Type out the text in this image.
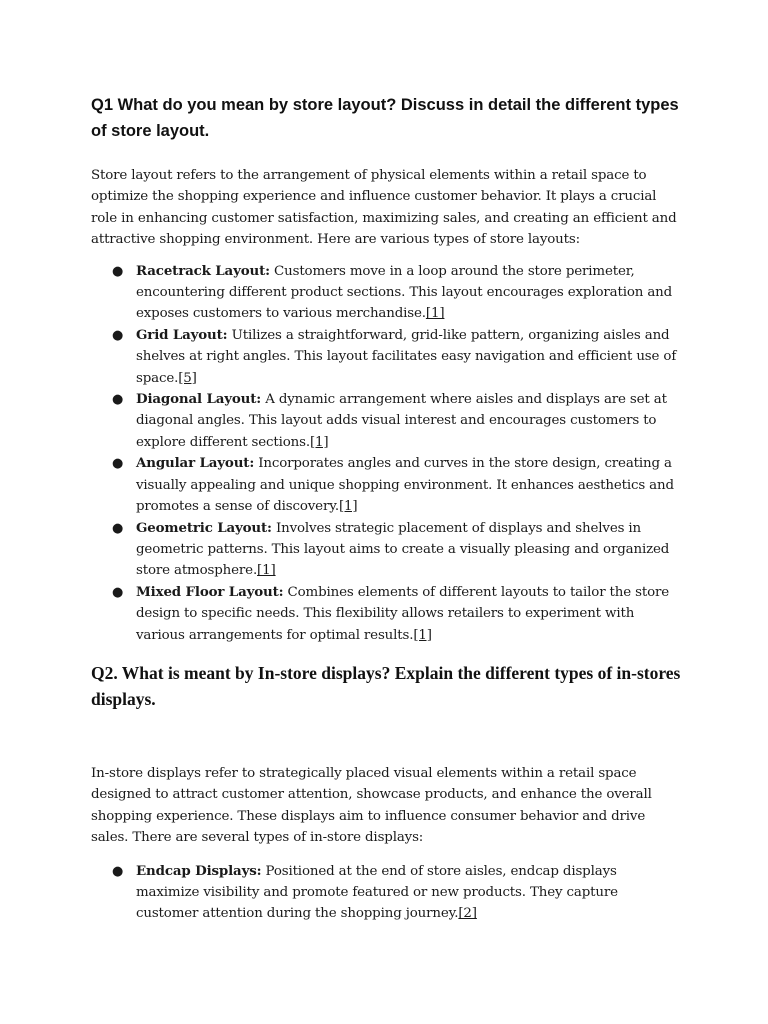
Q1 What do you mean by store layout? Discuss in detail the different types of store layout.

Store layout refers to the arrangement of physical elements within a retail space to optimize the shopping experience and influence customer behavior. It plays a crucial role in enhancing customer satisfaction, maximizing sales, and creating an efficient and attractive shopping environment. Here are various types of store layouts:

● Racetrack Layout: Customers move in a loop around the store perimeter, encountering different product sections. This layout encourages exploration and exposes customers to various merchandise.[1]
● Grid Layout: Utilizes a straightforward, grid-like pattern, organizing aisles and shelves at right angles. This layout facilitates easy navigation and efficient use of space.[5]
● Diagonal Layout: A dynamic arrangement where aisles and displays are set at diagonal angles. This layout adds visual interest and encourages customers to explore different sections.[1]
● Angular Layout: Incorporates angles and curves in the store design, creating a visually appealing and unique shopping environment. It enhances aesthetics and promotes a sense of discovery.[1]
● Geometric Layout: Involves strategic placement of displays and shelves in geometric patterns. This layout aims to create a visually pleasing and organized store atmosphere.[1]
● Mixed Floor Layout: Combines elements of different layouts to tailor the store design to specific needs. This flexibility allows retailers to experiment with various arrangements for optimal results.[1]
Q2. What is meant by In-store displays? Explain the different types of in-stores displays.

In-store displays refer to strategically placed visual elements within a retail space designed to attract customer attention, showcase products, and enhance the overall shopping experience. These displays aim to influence consumer behavior and drive sales. There are several types of in-store displays:

● Endcap Displays: Positioned at the end of store aisles, endcap displays maximize visibility and promote featured or new products. They capture customer attention during the shopping journey.[2]
